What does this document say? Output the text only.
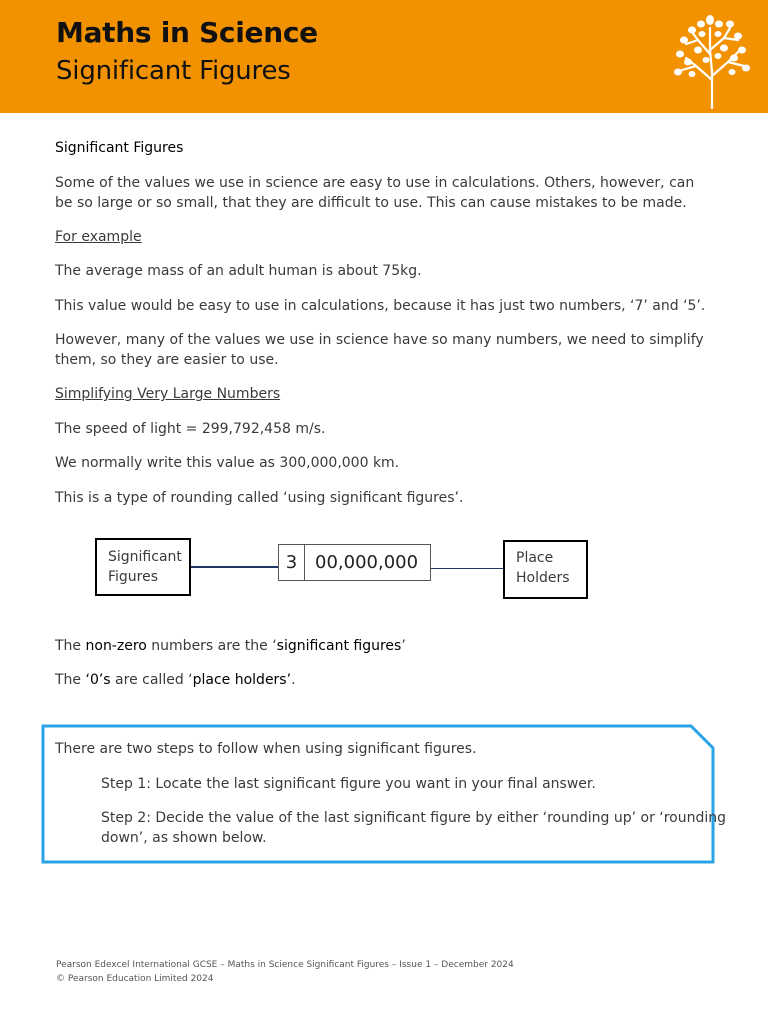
Maths in Science
Significant Figures
Significant Figures
Some of the values we use in science are easy to use in calculations. Others, however, can be so large or so small, that they are difficult to use. This can cause mistakes to be made.
For example
The average mass of an adult human is about 75kg.
This value would be easy to use in calculations, because it has just two numbers, ‘7’ and ‘5’.
However, many of the values we use in science have so many numbers, we need to simplify them, so they are easier to use.
Simplifying Very Large Numbers
The speed of light = 299,792,458 m/s.
We normally write this value as 300,000,000 km.
This is a type of rounding called ‘using significant figures’.
Significant
Figures
3 00,000,000	Place
Holders
The non-zero numbers are the ‘significant figures’
The ‘0’s are called ‘place holders’.
There are two steps to follow when using significant figures.
Step 1: Locate the last significant figure you want in your final answer.
Step 2: Decide the value of the last significant figure by either ‘rounding up’ or ‘rounding
down’, as shown below.
Pearson Edexcel International GCSE – Maths in Science Significant Figures – Issue 1 – December 2024
© Pearson Education Limited 2024
